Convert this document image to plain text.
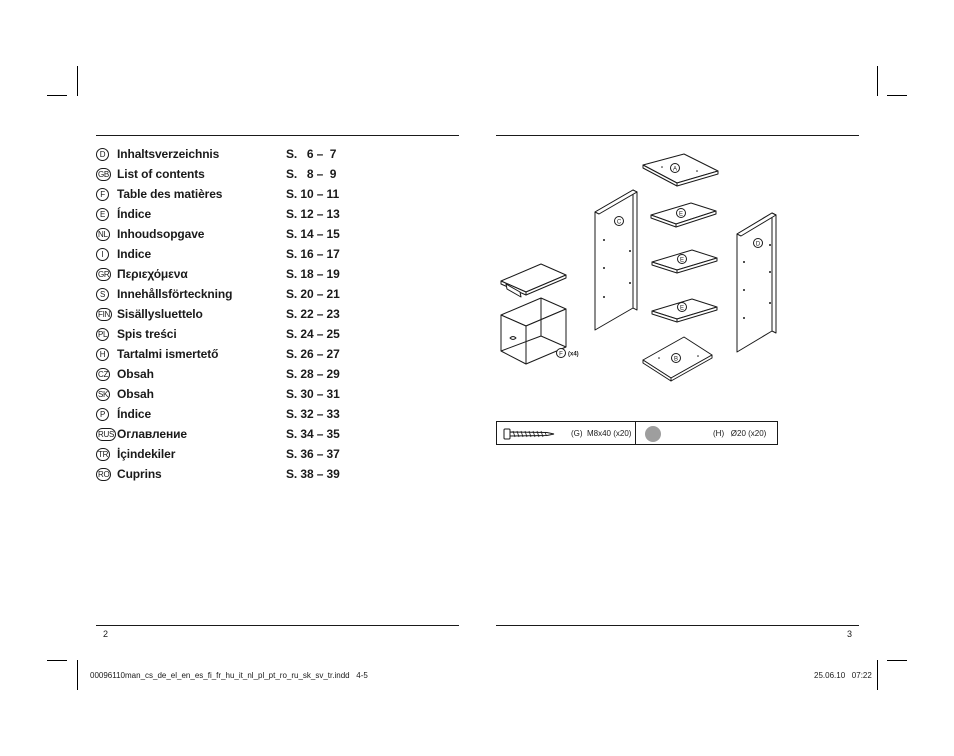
D Inhaltsverzeichnis	S.   6 –  7
GB List of contents	S.   8 –  9
F	Table des matières	S. 10 – 11
E Índice	S. 12 – 13
NL Inhoudsopgave	S. 14 – 15
I	Indice	S. 16 – 17
GR Περιεχόμενα	S. 18 – 19
S Innehållsförteckning	S. 20 – 21
FIN Sisällysluettelo	S. 22 – 23
PL Spis treści	S. 24 – 25
H Tartalmi ismertető	S. 26 – 27
CZ Obsah	S. 28 – 29
SK Obsah	S. 30 – 31
P Índice	S. 32 – 33
RUS Оглавление	S. 34 – 35
TR İçindekiler	S. 36 – 37
RO Cuprins	S. 38 – 39
A
E
E
E
B
C
D
F (x4)
(G)  M8x40 (x20)	(H)   Ø20 (x20)
2	3
00096110man_cs_de_el_en_es_fi_fr_hu_it_nl_pl_pt_ro_ru_sk_sv_tr.indd   4-5	25.06.10   07:22
